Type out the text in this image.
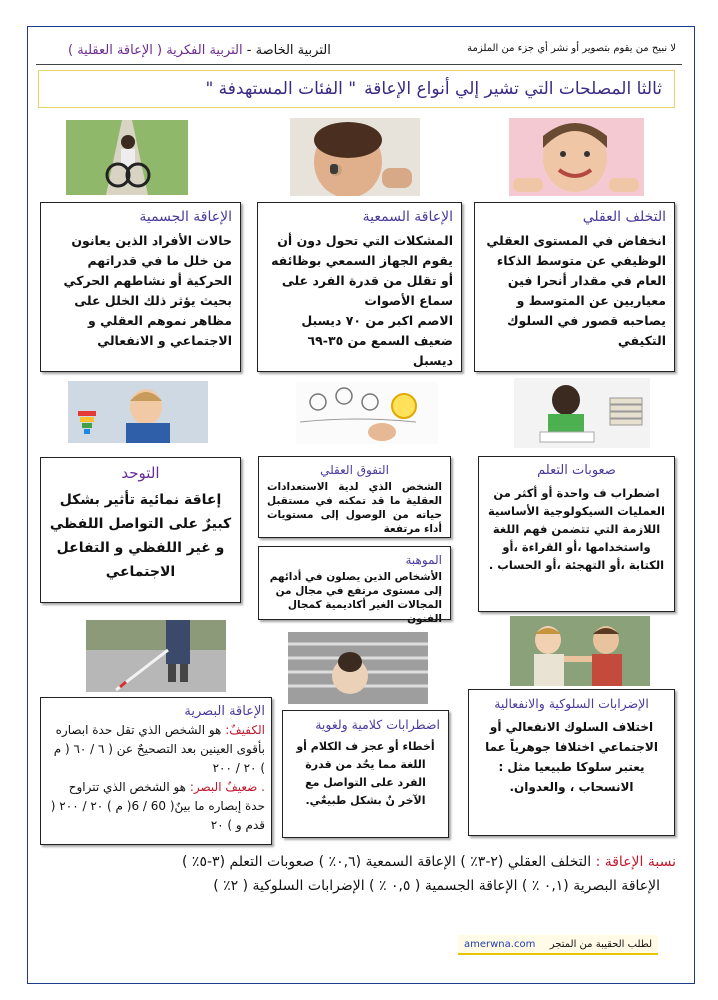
لا نبيح من يقوم بتصوير أو نشر أي جزء من الملزمة
التربية الخاصة - التربية الفكرية ( الإعاقة العقلية )
ثالثا المصلحات التي تشير إلي أنواع الإعاقة
" الفئات المستهدفة "
الإعاقة الجسمية
حالات الأفراد الذين يعانون من خلل ما في قدراتهم الحركية أو نشاطهم الحركي بحيث يؤثر ذلك الخلل على مظاهر نموهم العقلي و الاجتماعي و الانفعالي
الإعاقة السمعية
المشكلات التي تحول دون أن يقوم الجهاز السمعي بوظائفه أو تقلل من قدرة الفرد على سماع الأصوات
الاصم اكبر من ٧٠ ديسبل
ضعيف السمع من ٣٥-٦٩ ديسبل
التخلف العقلي
انخفاض في المستوى العقلي الوظيفي عن متوسط الذكاء العام في مقدار أنحرا فين معياريين عن المتوسط و يصاحبه قصور في السلوك التكيفي
التوحد
إعاقة نمائية تأثير بشكل كبيرٌ على التواصل اللفظي و غير اللفظي و التفاعل الاجتماعي
التفوق العقلي
الشخص الذي لدية الاستعدادات العقلية ما قد تمكنه في مستقبل حياته من الوصول إلى مستويات أداء مرتفعة
الموهبة
الأشخاص الذين يصلون في أدائهم إلى مستوى مرتفع في مجال من المجالات الغير أكاديمية كمجال الفنون
صعوبات التعلم
اضطراب ف واحدة أو أكثر من العمليات السيكولوجية الأساسية اللازمة التي تتضمن فهم اللغة واستخدامها ،أو القراءة ،أو الكتابة ،أو التهجئة ،أو الحساب .
الإعاقة البصرية
الكفيفٌ: هو الشخص الذي تقل حدة ابصاره بأقوى العينين بعد التصحيحٌ عن ( ٦ / ٦٠ ( م ) ٢٠ / ٢٠٠
. ضعيفٌ البصر: هو الشخص الذي تتراوح حدة إبصاره ما بينٌ( 60 / 6( م ) ٢٠ / ٢٠٠ ( قدم و ) ٢٠
اضطرابات كلامية ولغوية
أخطاء أو عجز ف الكلام أو اللغة مما يحٌد من قدرة الفرد على التواصل مع الآخر نٌ بشكل طبيعٌي.
الإضرابات السلوكية والانفعالية
اختلاف السلوك الانفعالي أو الاجتماعي اختلافا جوهرياً عما يعتبر سلوكا طبيعيا مثل : الانسحاب ، والعدوان.
نسبة الإعاقة : التخلف العقلي (٢-٣٪ ) الإعاقة السمعية (٠,٦٪ ) صعوبات التعلم (٣-٥٪ )
الإعاقة البصرية (٠,١ ٪ ) الإعاقة الجسمية ( ٠,٥ ٪ ) الإضرابات السلوكية ( ٢٪ )
لطلب الحقيبة من المتجر
amerwna.com
